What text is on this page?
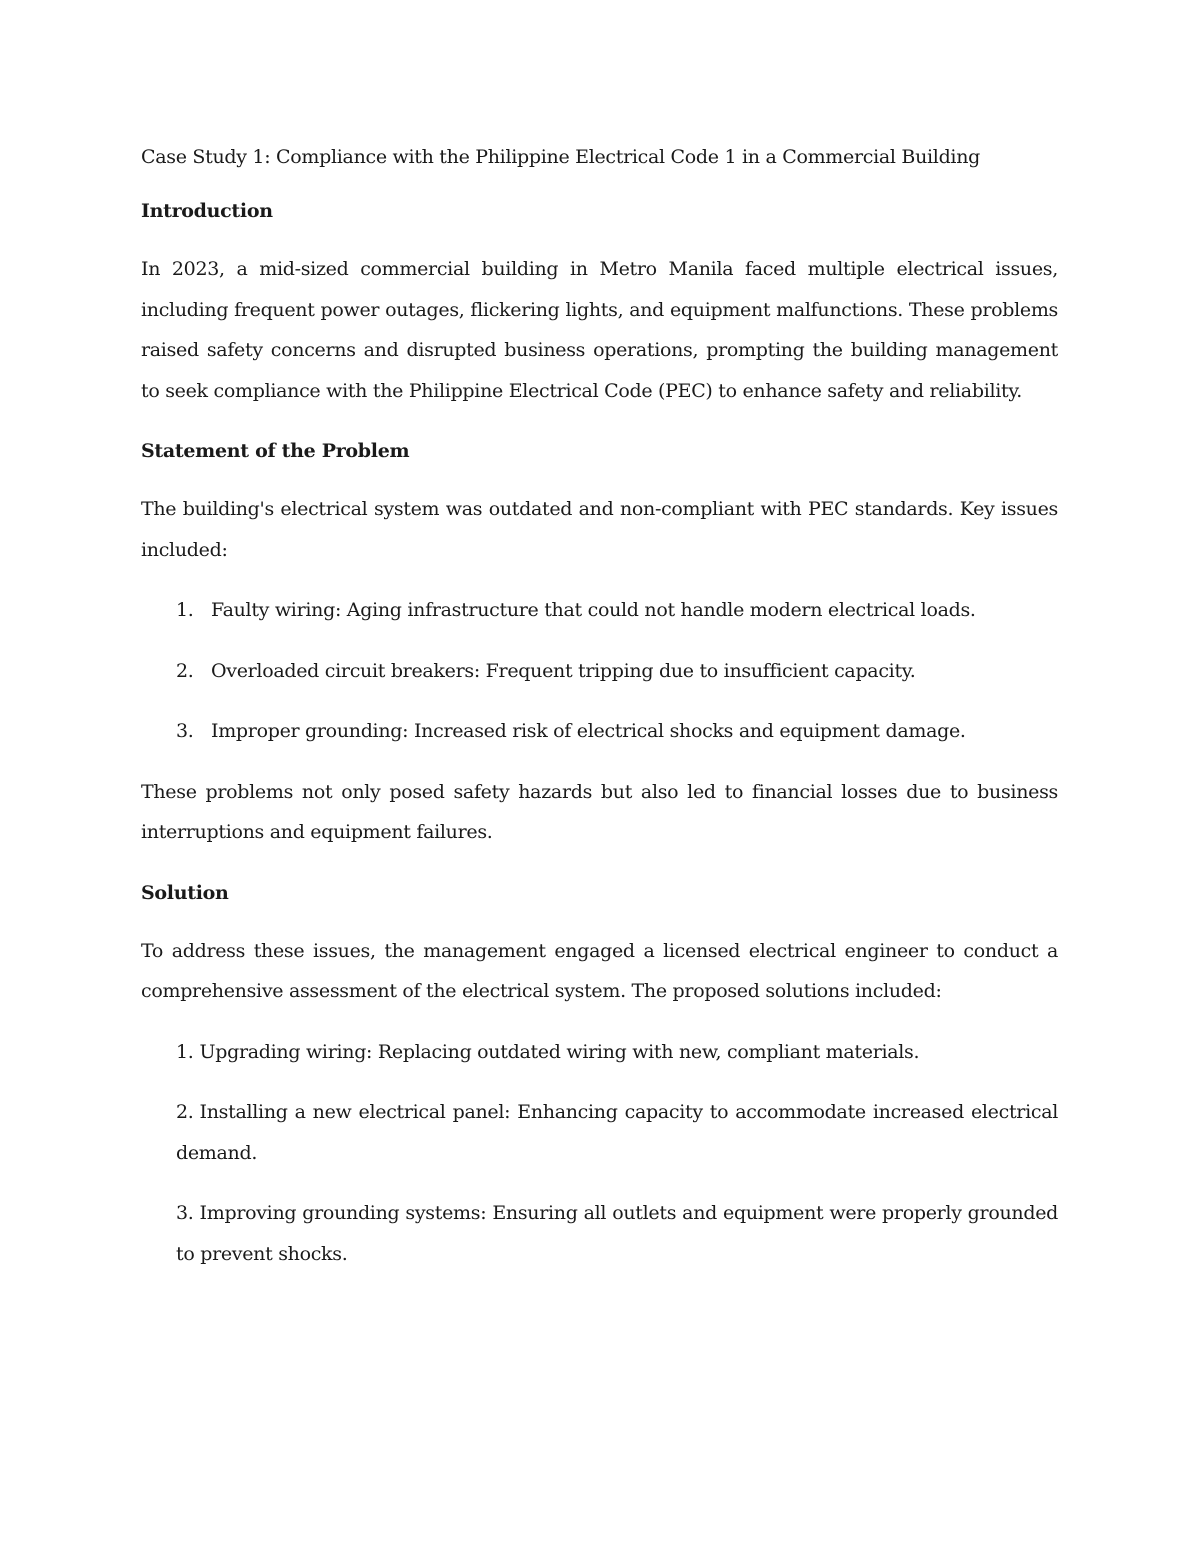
Case Study 1: Compliance with the Philippine Electrical Code 1 in a Commercial Building

Introduction

In 2023, a mid-sized commercial building in Metro Manila faced multiple electrical issues, including frequent power outages, flickering lights, and equipment malfunctions. These problems raised safety concerns and disrupted business operations, prompting the building management to seek compliance with the Philippine Electrical Code (PEC) to enhance safety and reliability.

Statement of the Problem

The building's electrical system was outdated and non-compliant with PEC standards. Key issues included:

1. Faulty wiring: Aging infrastructure that could not handle modern electrical loads.
2. Overloaded circuit breakers: Frequent tripping due to insufficient capacity.
3. Improper grounding: Increased risk of electrical shocks and equipment damage.

These problems not only posed safety hazards but also led to financial losses due to business interruptions and equipment failures.

Solution

To address these issues, the management engaged a licensed electrical engineer to conduct a comprehensive assessment of the electrical system. The proposed solutions included:

1. Upgrading wiring: Replacing outdated wiring with new, compliant materials.
2. Installing a new electrical panel: Enhancing capacity to accommodate increased electrical demand.
3. Improving grounding systems: Ensuring all outlets and equipment were properly grounded to prevent shocks.
